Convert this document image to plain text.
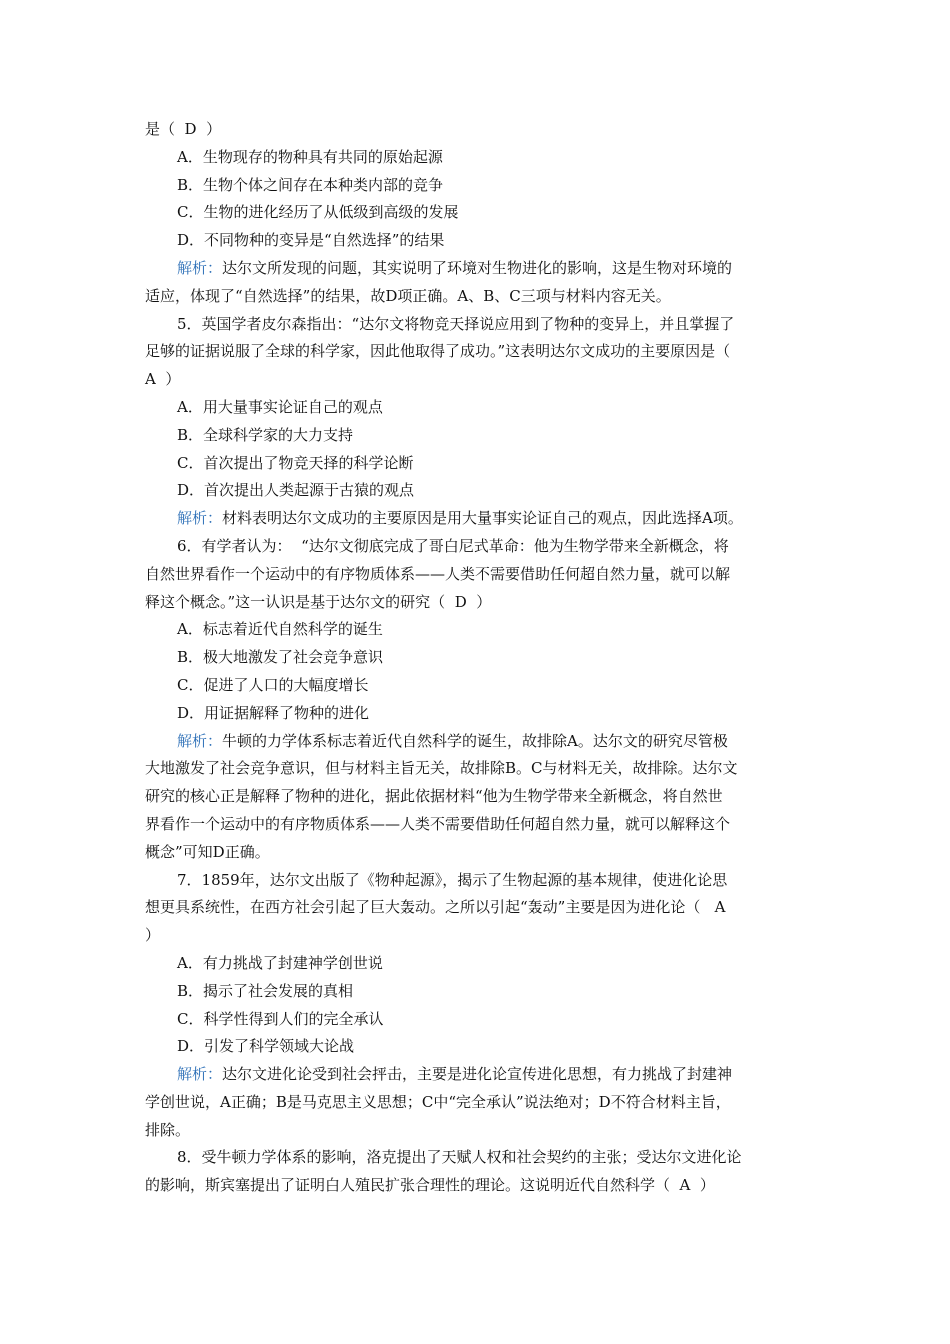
是（  D  ）
A．生物现存的物种具有共同的原始起源
B．生物个体之间存在本种类内部的竞争
C．生物的进化经历了从低级到高级的发展
D．不同物种的变异是“自然选择”的结果
解析：达尔文所发现的问题，其实说明了环境对生物进化的影响，这是生物对环境的
适应，体现了“自然选择”的结果，故D项正确。A、B、C三项与材料内容无关。
5．英国学者皮尔森指出：“达尔文将物竞天择说应用到了物种的变异上，并且掌握了
足够的证据说服了全球的科学家，因此他取得了成功。”这表明达尔文成功的主要原因是（
A  ）
A．用大量事实论证自己的观点
B．全球科学家的大力支持
C．首次提出了物竞天择的科学论断
D．首次提出人类起源于古猿的观点
解析：材料表明达尔文成功的主要原因是用大量事实论证自己的观点，因此选择A项。
6．有学者认为：  “达尔文彻底完成了哥白尼式革命：他为生物学带来全新概念，将
自然世界看作一个运动中的有序物质体系——人类不需要借助任何超自然力量，就可以解
释这个概念。”这一认识是基于达尔文的研究（  D  ）
A．标志着近代自然科学的诞生
B．极大地激发了社会竞争意识
C．促进了人口的大幅度增长
D．用证据解释了物种的进化
解析：牛顿的力学体系标志着近代自然科学的诞生，故排除A。达尔文的研究尽管极
大地激发了社会竞争意识，但与材料主旨无关，故排除B。C与材料无关，故排除。达尔文
研究的核心正是解释了物种的进化，据此依据材料“他为生物学带来全新概念，将自然世
界看作一个运动中的有序物质体系——人类不需要借助任何超自然力量，就可以解释这个
概念”可知D正确。
7．1859年，达尔文出版了《物种起源》，揭示了生物起源的基本规律，使进化论思
想更具系统性，在西方社会引起了巨大轰动。之所以引起“轰动”主要是因为进化论（   A
）
A．有力挑战了封建神学创世说
B．揭示了社会发展的真相
C．科学性得到人们的完全承认
D．引发了科学领域大论战
解析：达尔文进化论受到社会抨击，主要是进化论宣传进化思想，有力挑战了封建神
学创世说，A正确；B是马克思主义思想；C中“完全承认”说法绝对；D不符合材料主旨，
排除。
8．受牛顿力学体系的影响，洛克提出了天赋人权和社会契约的主张；受达尔文进化论
的影响，斯宾塞提出了证明白人殖民扩张合理性的理论。这说明近代自然科学（  A  ）
